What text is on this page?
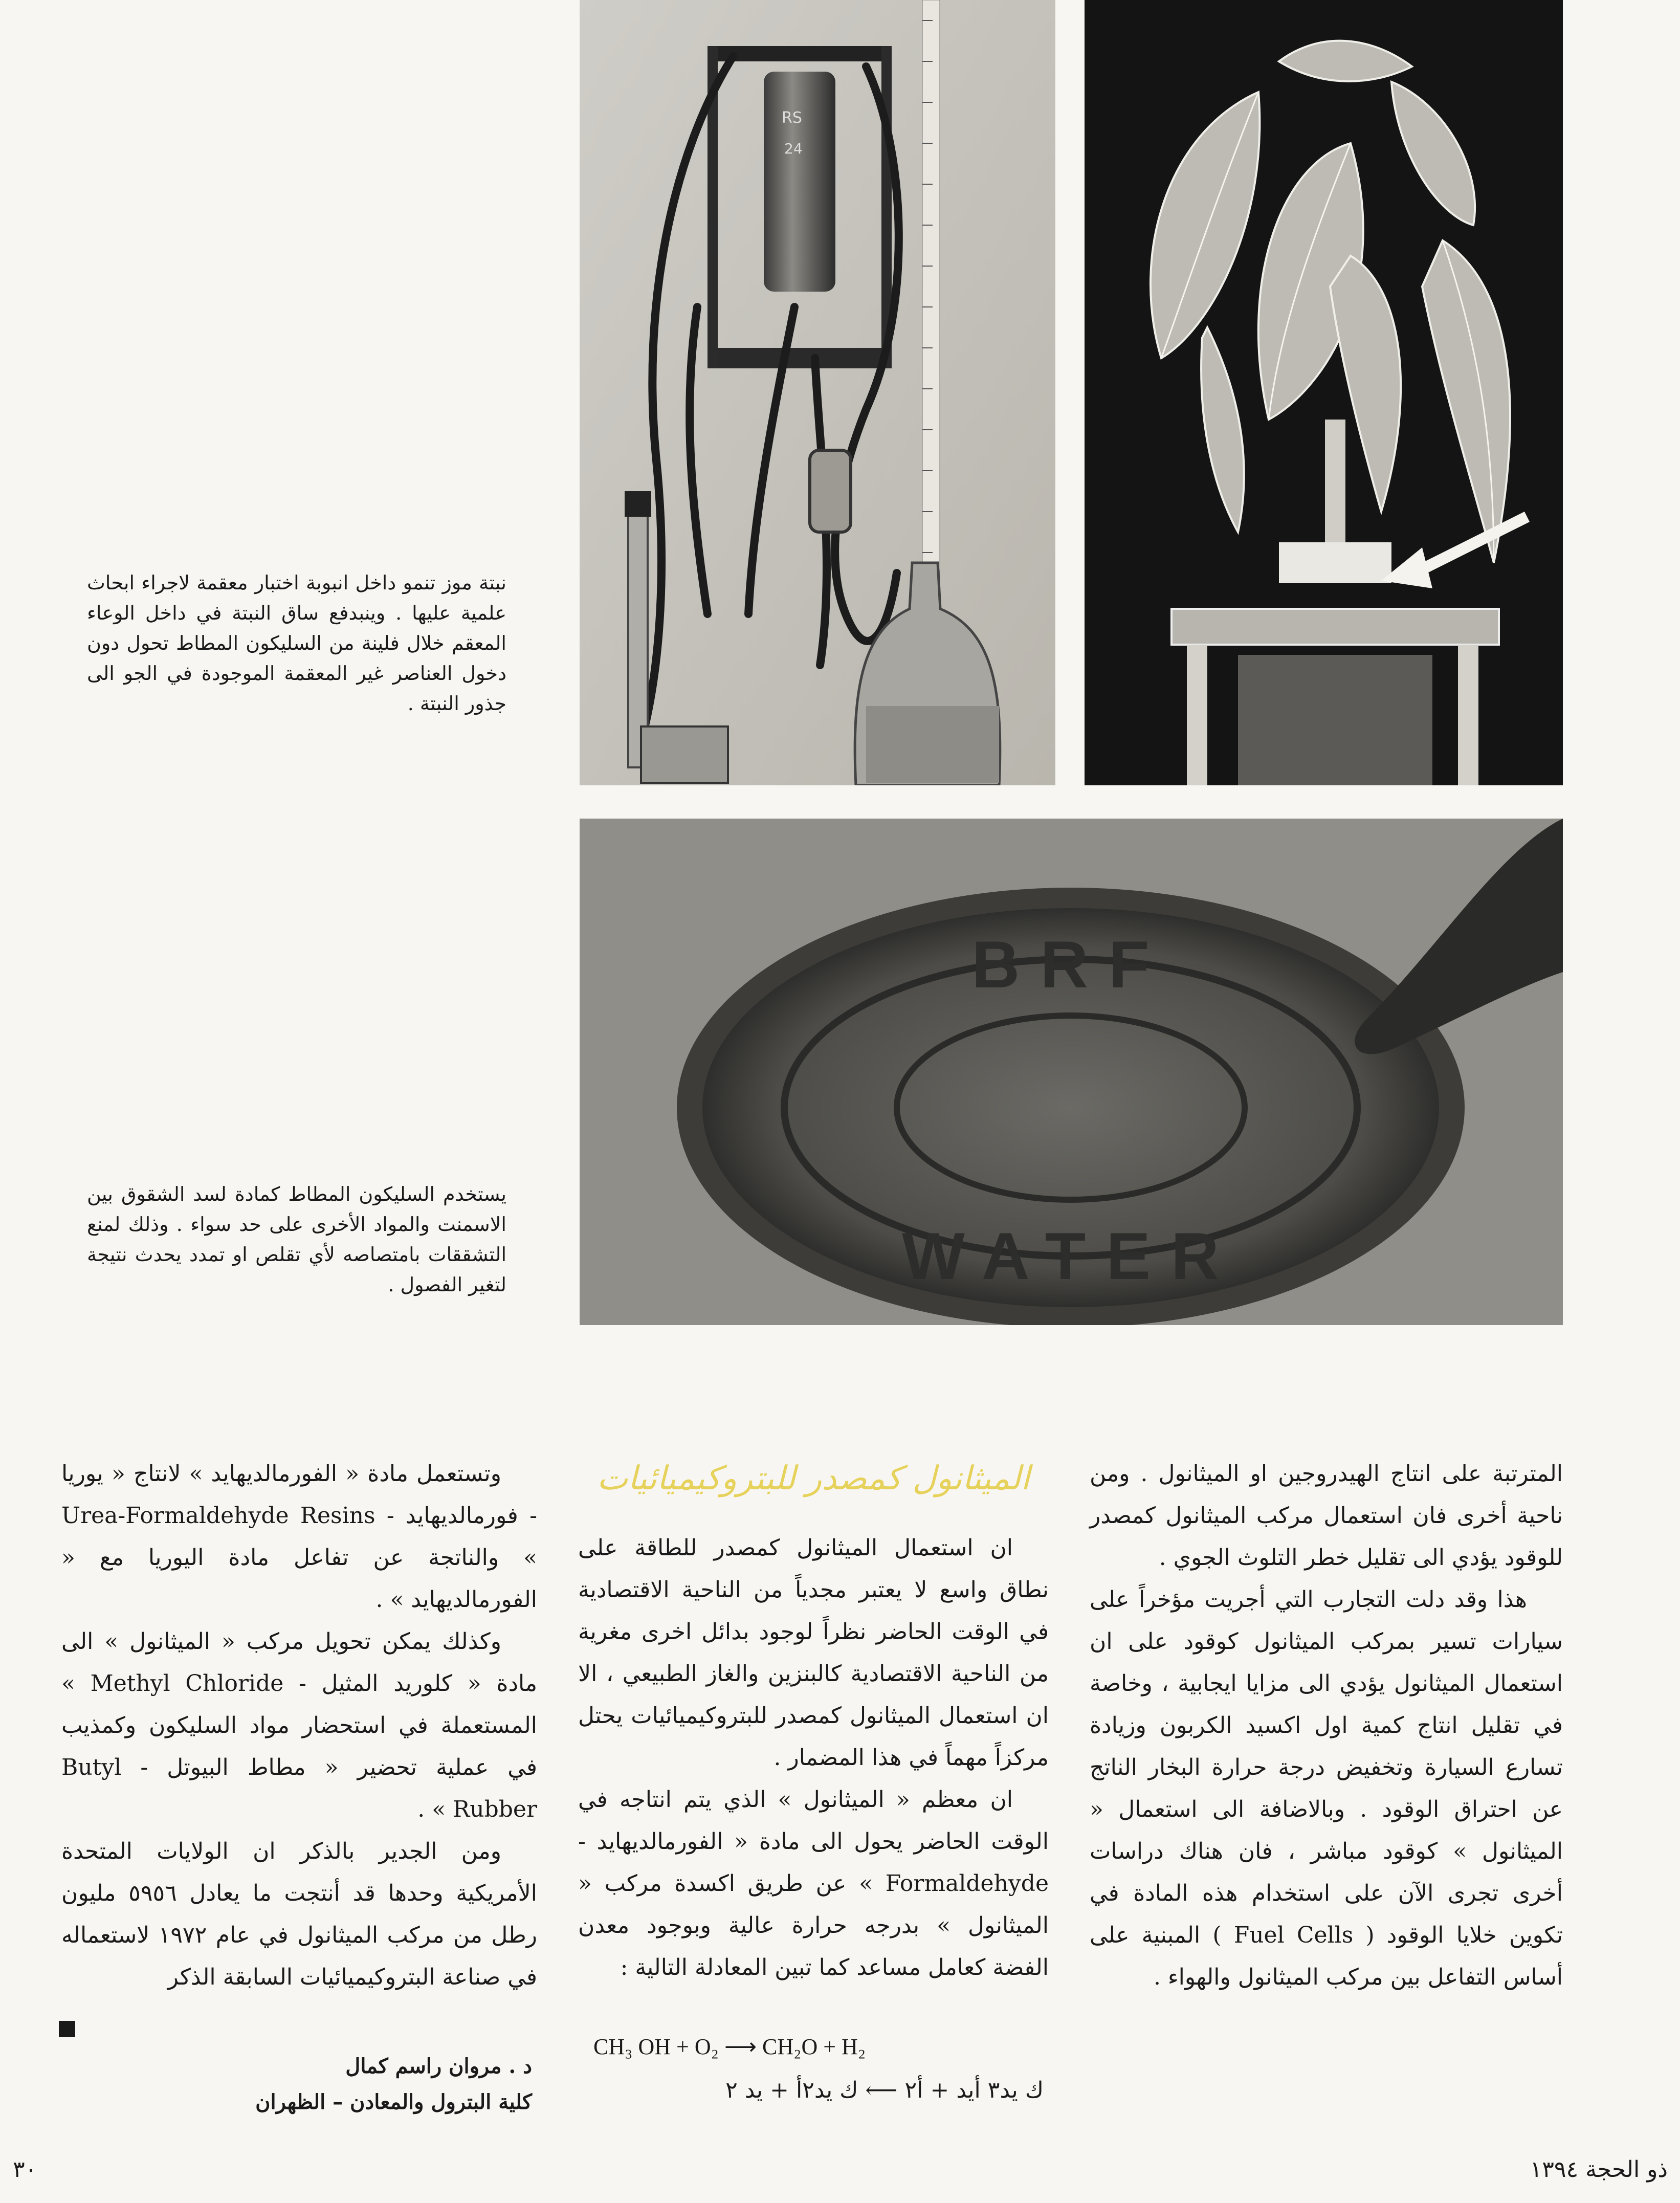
RS
24
BRF
WATER
نبتة موز تنمو داخل انبوبة اختبار معقمة لاجراء ابحاث علمية عليها . وينبدفع ساق النبتة في داخل الوعاء المعقم خلال فلينة من السليكون المطاط تحول دون دخول العناصر غير المعقمة الموجودة في الجو الى جذور النبتة .
يستخدم السليكون المطاط كمادة لسد الشقوق بين الاسمنت والمواد الأخرى على حد سواء . وذلك لمنع التشققات بامتصاصه لأي تقلص او تمدد يحدث نتيجة لتغير الفصول .

المترتبة على انتاج الهيدروجين او الميثانول . ومن ناحية أخرى فان استعمال مركب الميثانول كمصدر للوقود يؤدي الى تقليل خطر التلوث الجوي .

هذا وقد دلت التجارب التي أجريت مؤخراً على سيارات تسير بمركب الميثانول كوقود على ان استعمال الميثانول يؤدي الى مزايا ايجابية ، وخاصة في تقليل انتاج كمية اول اكسيد الكربون وزيادة تسارع السيارة وتخفيض درجة حرارة البخار الناتج عن احتراق الوقود . وبالاضافة الى استعمال « الميثانول » كوقود مباشر ، فان هناك دراسات أخرى تجرى الآن على استخدام هذه المادة في تكوين خلايا الوقود ( Fuel Cells ) المبنية على أساس التفاعل بين مركب الميثانول والهواء .

الميثانول كمصدر للبتروكيميائيات

ان استعمال الميثانول كمصدر للطاقة على نطاق واسع لا يعتبر مجدياً من الناحية الاقتصادية في الوقت الحاضر نظراً لوجود بدائل اخرى مغرية من الناحية الاقتصادية كالبنزين والغاز الطبيعي ، الا ان استعمال الميثانول كمصدر للبتروكيميائيات يحتل مركزاً مهماً في هذا المضمار .

ان معظم « الميثانول » الذي يتم انتاجه في الوقت الحاضر يحول الى مادة « الفورمالديهايد - Formaldehyde » عن طريق اكسدة مركب « الميثانول » بدرجه حرارة عالية وبوجود معدن الفضة كعامل مساعد كما تبين المعادلة التالية :

CH₃ OH + O₂ ⟶ CH₂O + H₂
ك يد٣ أيد + أ٢ ⟵ ك يد٢أ + يد ٢

وتستعمل مادة « الفورمالديهايد » لانتاج « يوريا - فورمالديهايد - Urea-Formaldehyde Resins » والناتجة عن تفاعل مادة اليوريا مع « الفورمالديهايد » .

وكذلك يمكن تحويل مركب « الميثانول » الى مادة « كلوريد المثيل - Methyl Chloride » المستعملة في استحضار مواد السليكون وكمذيب في عملية تحضير « مطاط البيوتل - Butyl Rubber » .

ومن الجدير بالذكر ان الولايات المتحدة الأمريكية وحدها قد أنتجت ما يعادل ٥٩٥٦ مليون رطل من مركب الميثانول في عام ١٩٧٢ لاستعماله في صناعة البتروكيميائيات السابقة الذكر

د . مروان راسم كمال
كلية البترول والمعادن – الظهران
٣٠	ذو الحجة ١٣٩٤
